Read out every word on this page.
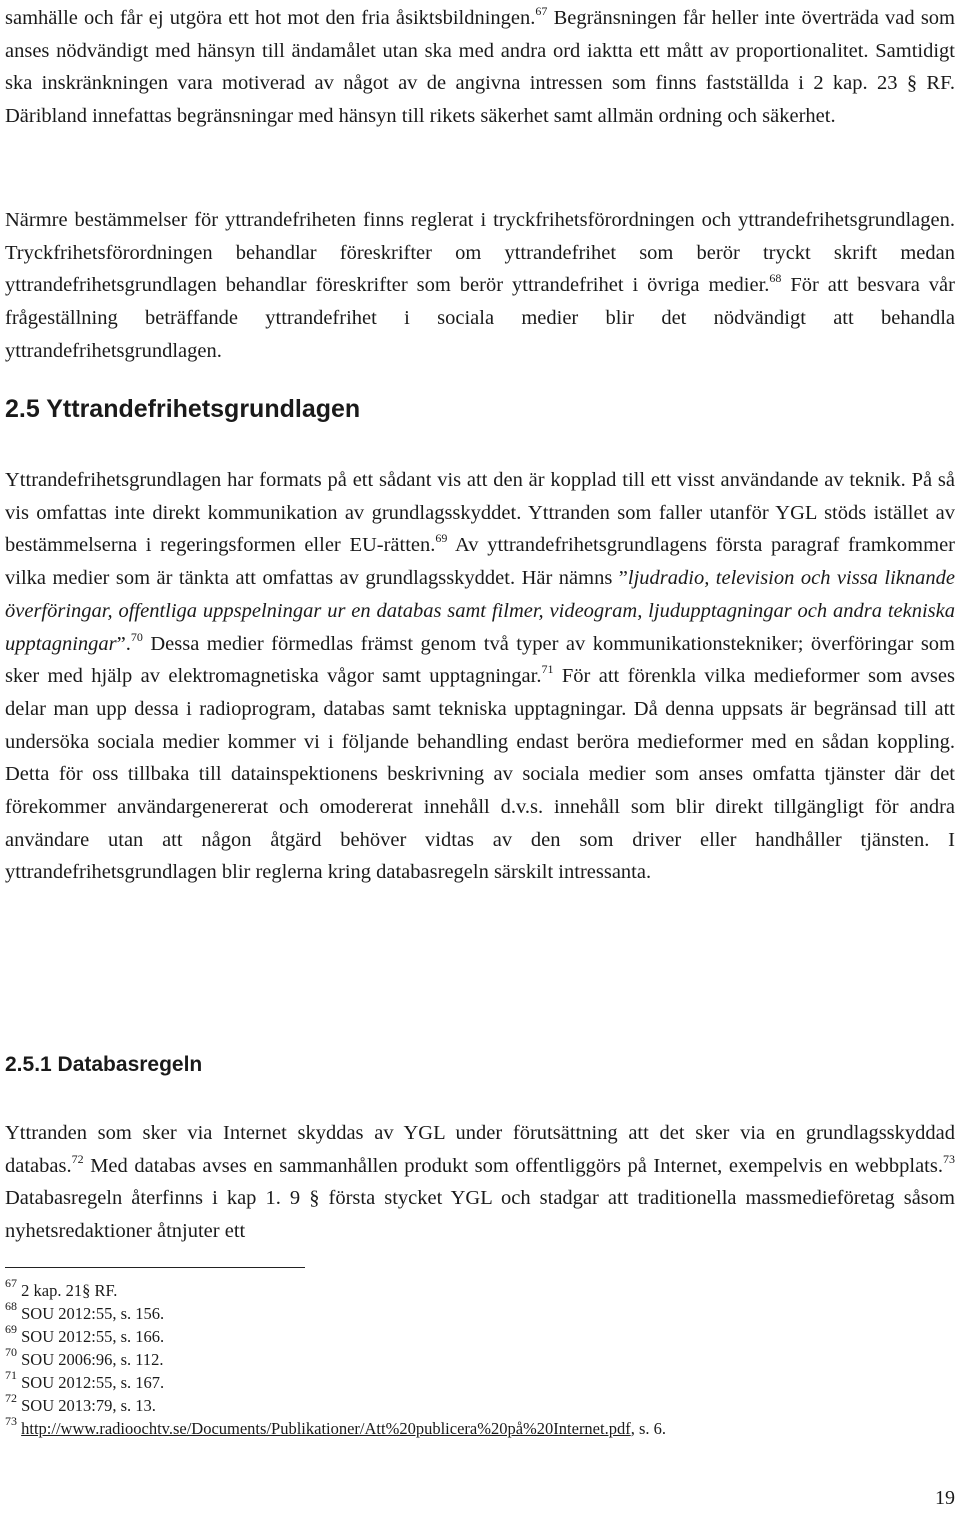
samhälle och får ej utgöra ett hot mot den fria åsiktsbildningen.$^{67}$ Begränsningen får heller inte överträda vad som anses nödvändigt med hänsyn till ändamålet utan ska med andra ord iaktta ett mått av proportionalitet. Samtidigt ska inskränkningen vara motiverad av något av de angivna intressen som finns fastställda i 2 kap. 23 § RF. Däribland innefattas begränsningar med hänsyn till rikets säkerhet samt allmän ordning och säkerhet.

Närmre bestämmelser för yttrandefriheten finns reglerat i tryckfrihetsförordningen och yttrandefrihetsgrundlagen. Tryckfrihetsförordningen behandlar föreskrifter om yttrandefrihet som berör tryckt skrift medan yttrandefrihetsgrundlagen behandlar föreskrifter som berör yttrandefrihet i övriga medier.$^{68}$ För att besvara vår frågeställning beträffande yttrandefrihet i sociala medier blir det nödvändigt att behandla yttrandefrihetsgrundlagen.

2.5 Yttrandefrihetsgrundlagen

Yttrandefrihetsgrundlagen har formats på ett sådant vis att den är kopplad till ett visst användande av teknik. På så vis omfattas inte direkt kommunikation av grundlagsskyddet. Yttranden som faller utanför YGL stöds istället av bestämmelserna i regeringsformen eller EU-rätten.$^{69}$ Av yttrandefrihetsgrundlagens första paragraf framkommer vilka medier som är tänkta att omfattas av grundlagsskyddet. Här nämns ”ljudradio, television och vissa liknande överföringar, offentliga uppspelningar ur en databas samt filmer, videogram, ljudupptagningar och andra tekniska upptagningar”.$^{70}$ Dessa medier förmedlas främst genom två typer av kommunikationstekniker; överföringar som sker med hjälp av elektromagnetiska vågor samt upptagningar.$^{71}$ För att förenkla vilka medieformer som avses delar man upp dessa i radioprogram, databas samt tekniska upptagningar. Då denna uppsats är begränsad till att undersöka sociala medier kommer vi i följande behandling endast beröra medieformer med en sådan koppling. Detta för oss tillbaka till datainspektionens beskrivning av sociala medier som anses omfatta tjänster där det förekommer användargenererat och omodererat innehåll d.v.s. innehåll som blir direkt tillgängligt för andra användare utan att någon åtgärd behöver vidtas av den som driver eller handhåller tjänsten. I yttrandefrihetsgrundlagen blir reglerna kring databasregeln särskilt intressanta.

2.5.1 Databasregeln

Yttranden som sker via Internet skyddas av YGL under förutsättning att det sker via en grundlagsskyddad databas.$^{72}$ Med databas avses en sammanhållen produkt som offentliggörs på Internet, exempelvis en webbplats.$^{73}$ Databasregeln återfinns i kap 1. 9 § första stycket YGL och stadgar att traditionella massmedieföretag såsom nyhetsredaktioner åtnjuter ett

$^{67}$ 2 kap. 21§ RF.
$^{68}$ SOU 2012:55, s. 156.
$^{69}$ SOU 2012:55, s. 166.
$^{70}$ SOU 2006:96, s. 112.
$^{71}$ SOU 2012:55, s. 167.
$^{72}$ SOU 2013:79, s. 13.
$^{73}$ http://www.radioochtv.se/Documents/Publikationer/Att%20publicera%20på%20Internet.pdf, s. 6.
19
